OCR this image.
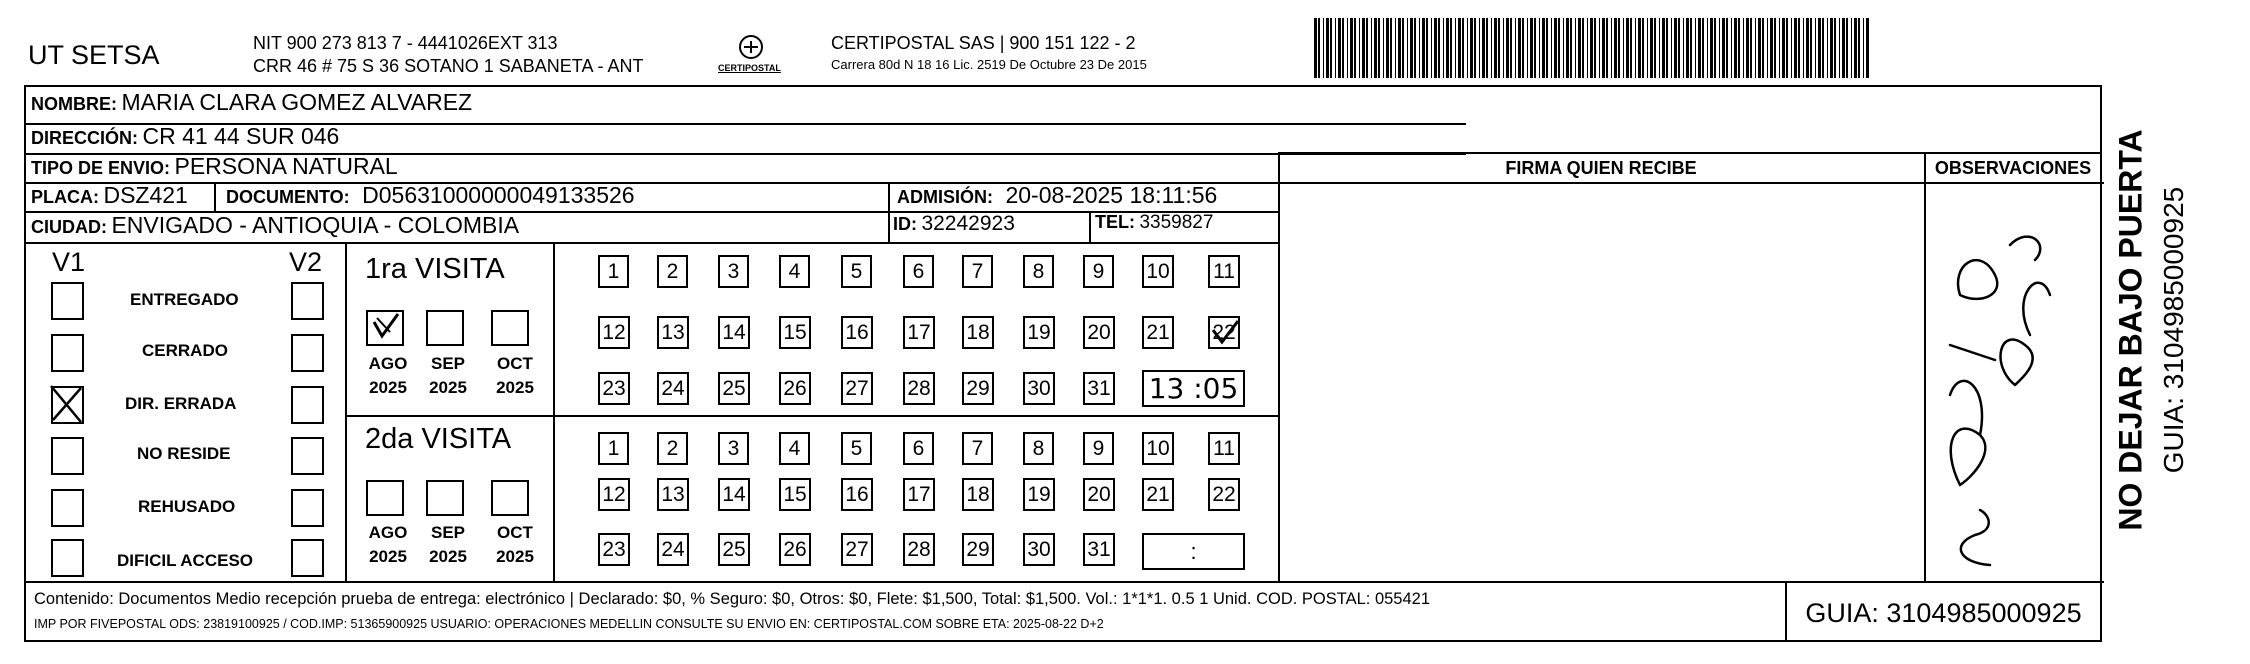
UT SETSA	NIT 900 273 813 7 - 4441026EXT 313
CRR 46 # 75 S 36 SOTANO 1 SABANETA - ANT	CERTIPOSTAL
CERTIPOSTAL SAS | 900 151 122 - 2
Carrera 80d N 18 16 Lic. 2519 De Octubre 23 De 2015
NOMBRE: MARIA CLARA GOMEZ ALVAREZ
DIRECCIÓN: CR 41 44 SUR 046
TIPO DE ENVIO: PERSONA NATURAL	FIRMA QUIEN RECIBE	OBSERVACIONES
PLACA: DSZ421 DOCUMENTO: D05631000000049133526	ADMISIÓN: 20-08-2025 18:11:56
CIUDAD: ENVIGADO - ANTIOQUIA - COLOMBIA	ID: 32242923	TEL: 3359827
V1	V2
ENTREGADO
CERRADO
DIR. ERRADA
NO RESIDE
REHUSADO
DIFICIL ACCESO
1ra VISITA
2da VISITA
AGO	SEP	OCT
2025	2025	2025
AGO	SEP	OCT
2025	2025	2025
1	2	3	4	5	6	7	8	9	10 11
12 13 14 15 16 17 18 19 20 21 22
23 24 25 26 27 28 29 30 31
1	2	3	4	5	6	7	8	9	10 11
12 13 14 15 16 17 18 19 20 21 22
23 24 25 26 27 28 29 30 31
13 :05
:
Contenido: Documentos Medio recepción prueba de entrega: electrónico | Declarado: $0, % Seguro: $0, Otros: $0, Flete: $1,500, Total: $1,500. Vol.: 1*1*1. 0.5 1 Unid. COD. POSTAL: 055421
IMP POR FIVEPOSTAL ODS: 23819100925 / COD.IMP: 51365900925 USUARIO: OPERACIONES MEDELLIN CONSULTE SU ENVIO EN: CERTIPOSTAL.COM SOBRE ETA: 2025-08-22 D+2	GUIA: 3104985000925
NO DEJAR BAJO PUERTA GUIA: 3104985000925
